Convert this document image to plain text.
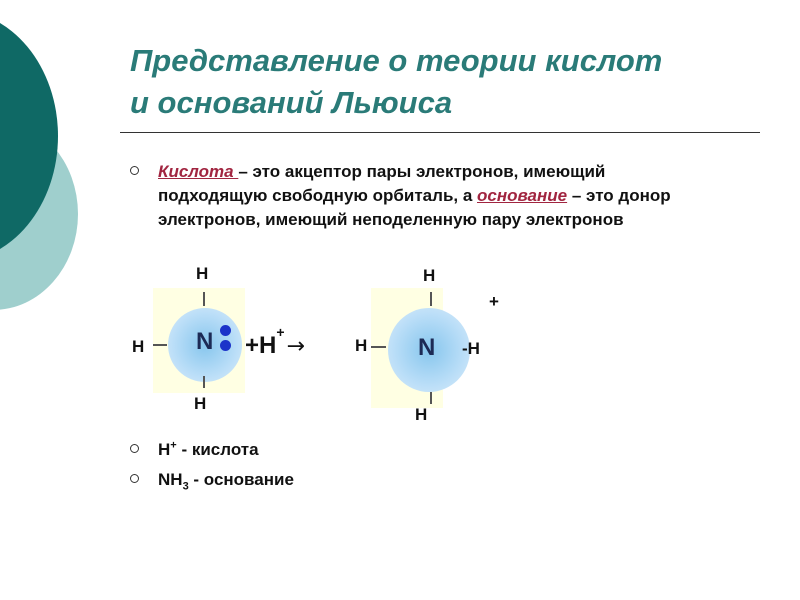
Представление о теории кислот
и оснований Льюиса
Кислота – это акцептор пары электронов, имеющий подходящую свободную орбиталь, а основание – это донор электронов, имеющий неподеленную пару электронов
H
N
H
H
+H+→
H
N
H	-H
H
+
H+ - кислота
$NH_3$ - основание
